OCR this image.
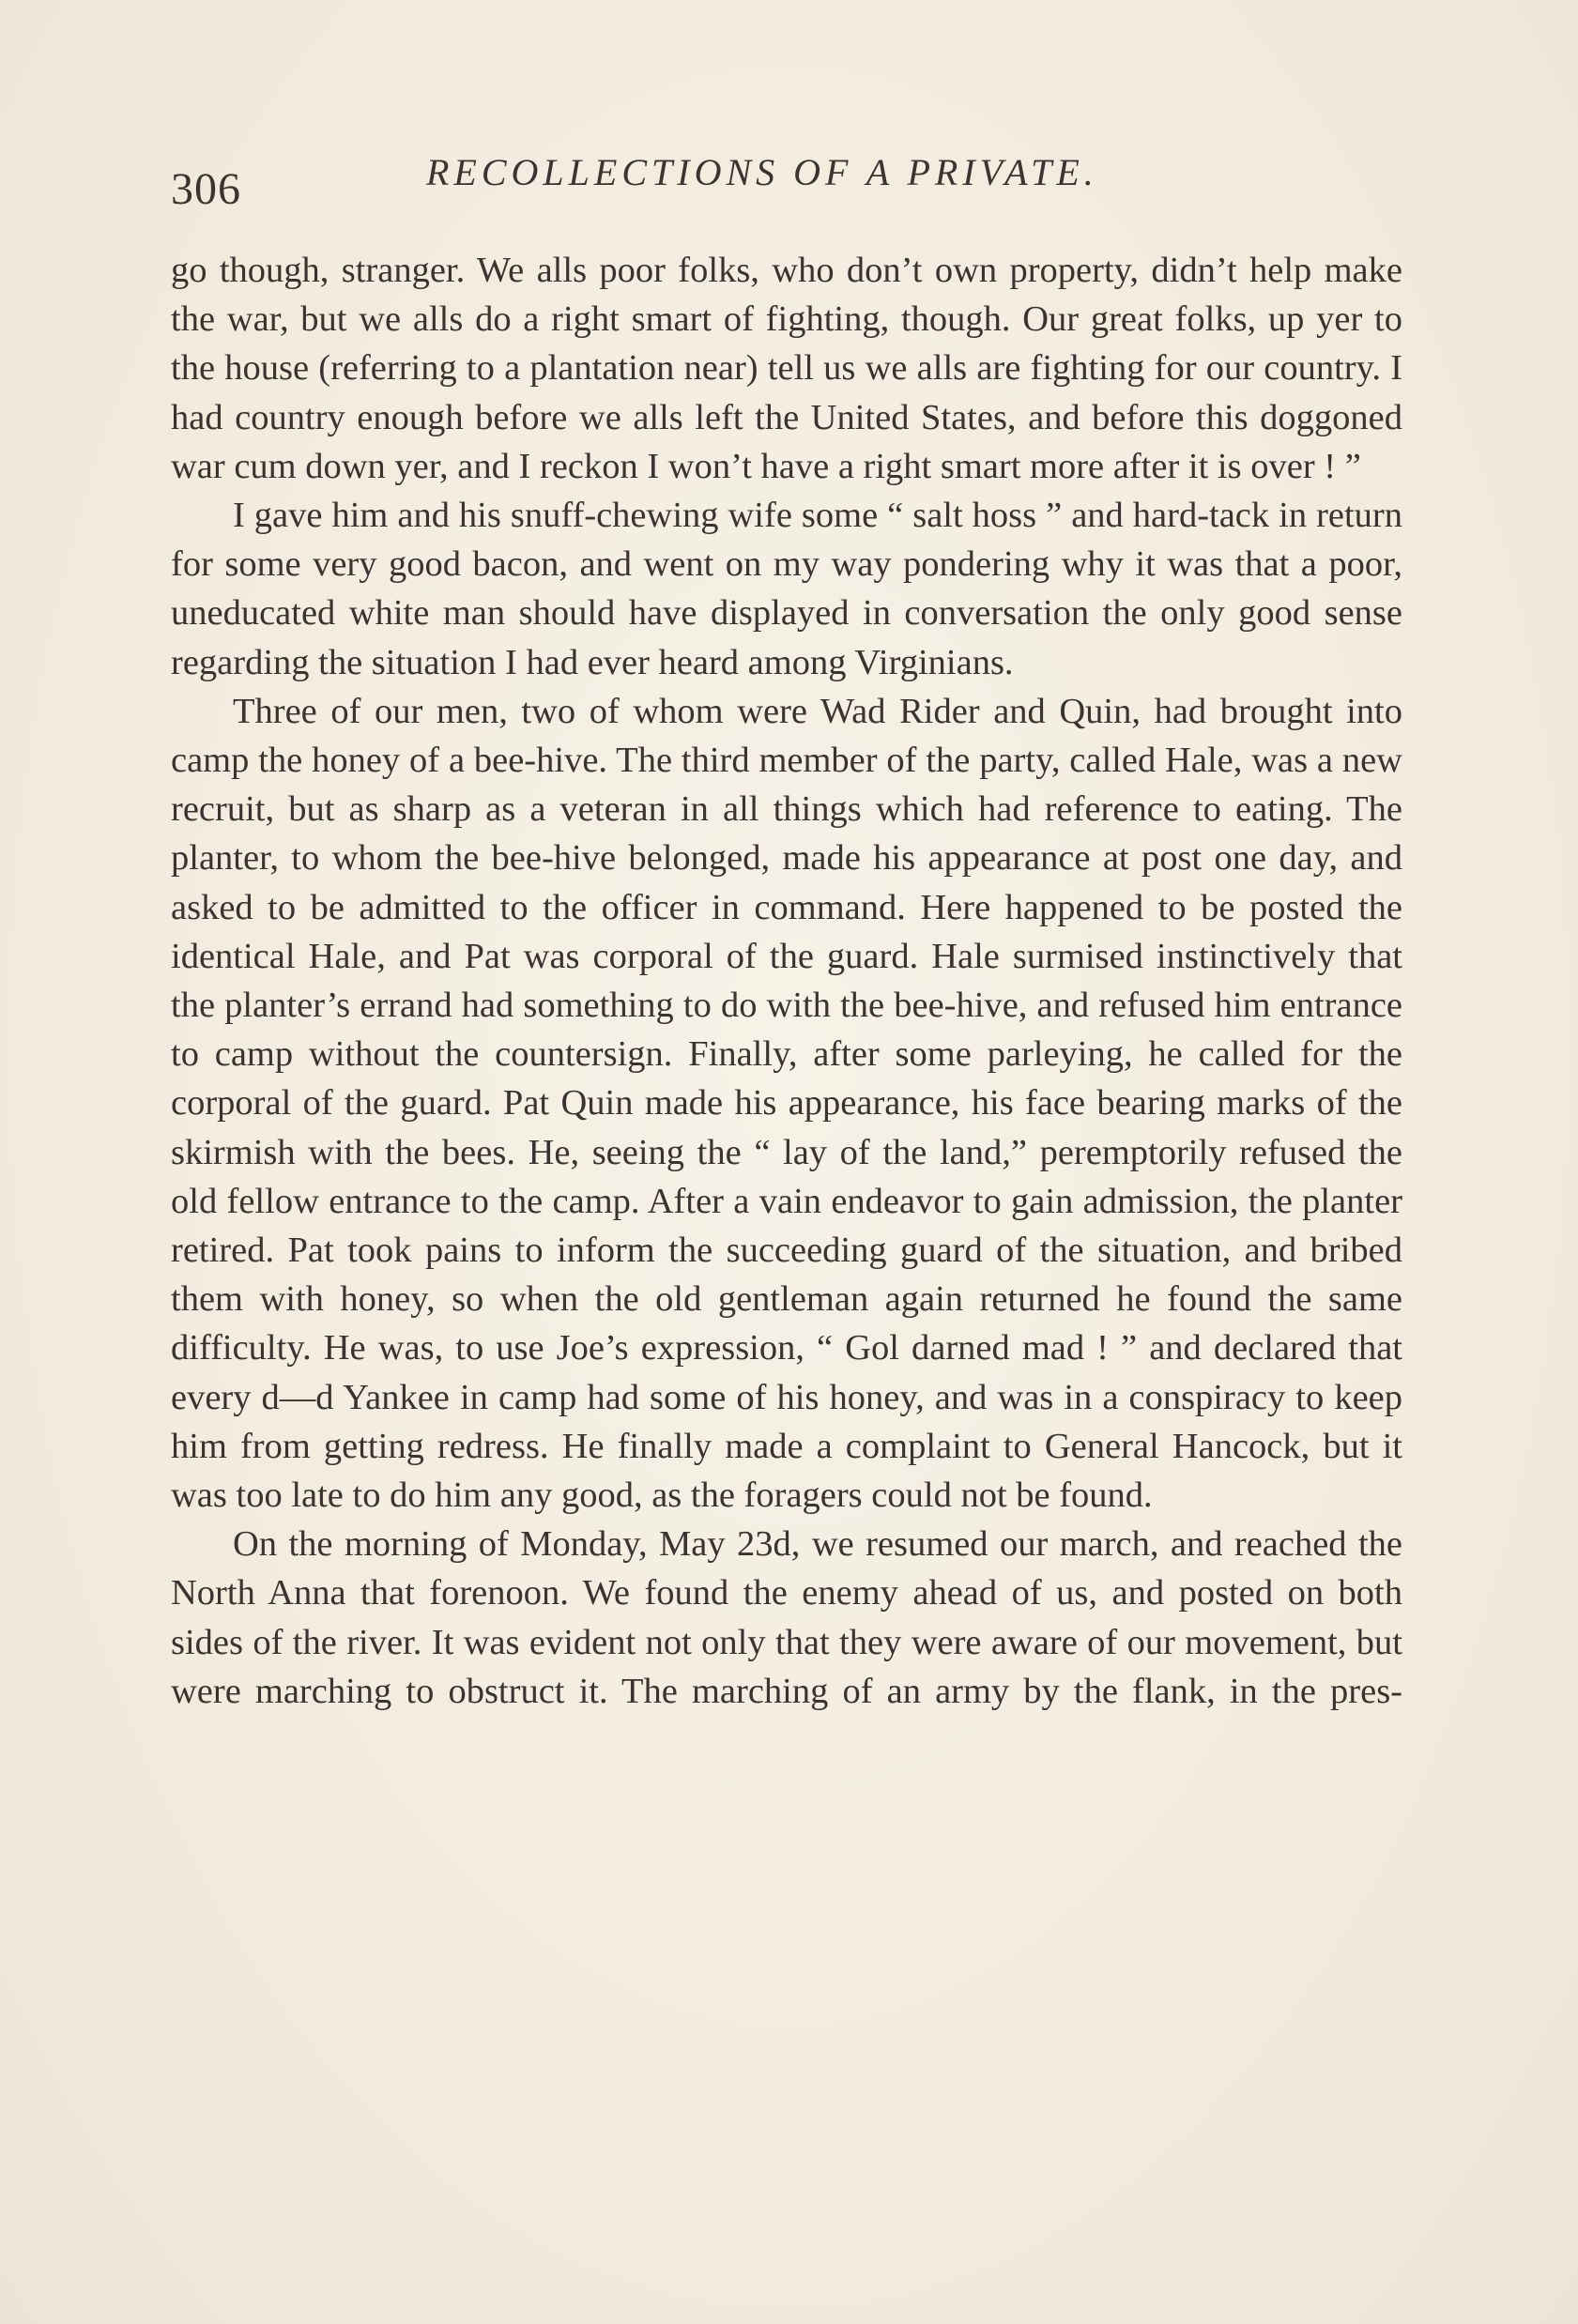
306	RECOLLECTIONS OF A PRIVATE.

go though, stranger. We alls poor folks, who don’t own property, didn’t help make the war, but we alls do a right smart of fighting, though. Our great folks, up yer to the house (referring to a plantation near) tell us we alls are fighting for our country. I had country enough before we alls left the United States, and before this doggoned war cum down yer, and I reckon I won’t have a right smart more after it is over ! ”

I gave him and his snuff-chewing wife some “ salt hoss ” and hard-tack in return for some very good bacon, and went on my way pondering why it was that a poor, uneducated white man should have displayed in conversation the only good sense regarding the situation I had ever heard among Virginians.

Three of our men, two of whom were Wad Rider and Quin, had brought into camp the honey of a bee-hive. The third member of the party, called Hale, was a new recruit, but as sharp as a veteran in all things which had reference to eating. The planter, to whom the bee-hive belonged, made his appearance at post one day, and asked to be admitted to the officer in command. Here happened to be posted the identical Hale, and Pat was corporal of the guard. Hale surmised instinctively that the planter’s errand had something to do with the bee-hive, and refused him entrance to camp without the countersign. Finally, after some parleying, he called for the corporal of the guard. Pat Quin made his appearance, his face bearing marks of the skirmish with the bees. He, seeing the “ lay of the land,” peremptorily refused the old fellow entrance to the camp. After a vain endeavor to gain admission, the planter retired. Pat took pains to inform the succeeding guard of the situation, and bribed them with honey, so when the old gentleman again returned he found the same difficulty. He was, to use Joe’s expression, “ Gol darned mad ! ” and declared that every d—d Yankee in camp had some of his honey, and was in a conspiracy to keep him from getting redress. He finally made a complaint to General Hancock, but it was too late to do him any good, as the foragers could not be found.

On the morning of Monday, May 23d, we resumed our march, and reached the North Anna that forenoon. We found the enemy ahead of us, and posted on both sides of the river. It was evident not only that they were aware of our movement, but were marching to obstruct it. The marching of an army by the flank, in the pres-
